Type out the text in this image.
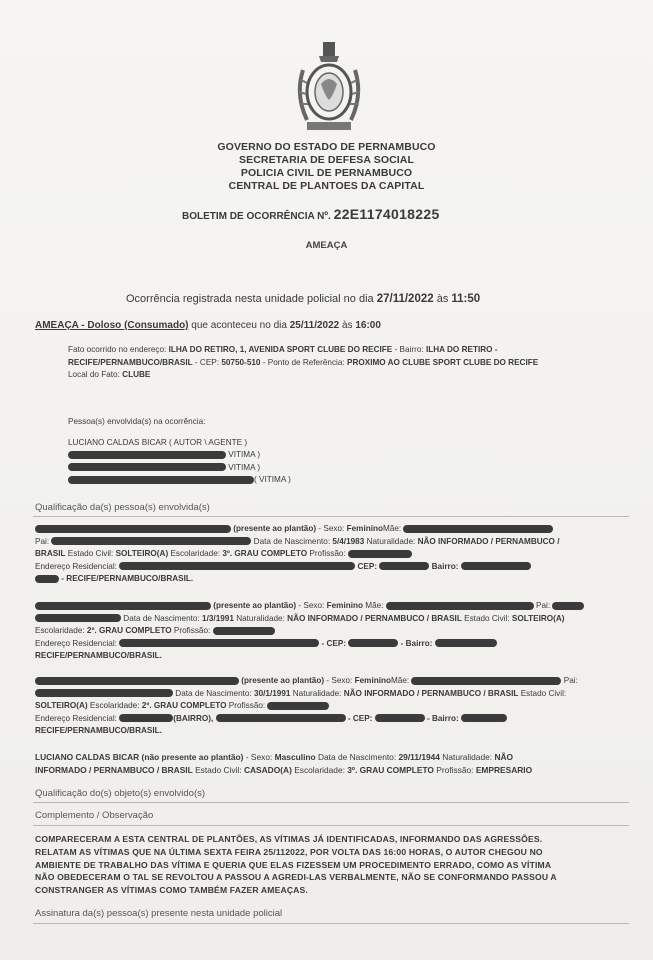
GOVERNO DO ESTADO DE PERNAMBUCO
SECRETARIA DE DEFESA SOCIAL
POLICIA CIVIL DE PERNAMBUCO
CENTRAL DE PLANTOES DA CAPITAL
BOLETIM DE OCORRÊNCIA Nº. 22E1174018225
AMEAÇA
Ocorrência registrada nesta unidade policial no dia 27/11/2022 às 11:50
AMEAÇA - Doloso (Consumado) que aconteceu no dia 25/11/2022 às 16:00
Fato ocorrido no endereço: ILHA DO RETIRO, 1, AVENIDA SPORT CLUBE DO RECIFE - Bairro: ILHA DO RETIRO - RECIFE/PERNAMBUCO/BRASIL - CEP: 50750-510 - Ponto de Referência: PROXIMO AO CLUBE SPORT CLUBE DO RECIFE
Local do Fato: CLUBE
Pessoa(s) envolvida(s) na ocorrência:
LUCIANO CALDAS BICAR ( AUTOR \ AGENTE )
VITIMA )
VITIMA )
( VITIMA )
Qualificação da(s) pessoa(s) envolvida(s)
(presente ao plantão) - Sexo: FemininoMãe:
Pai:	Data de Nascimento: 5/4/1983 Naturalidade: NÃO INFORMADO / PERNAMBUCO /
BRASIL Estado Civil: SOLTEIRO(A) Escolaridade: 3º. GRAU COMPLETO Profissão:
Endereço Residencial:	CEP:	Bairro:
- RECIFE/PERNAMBUCO/BRASIL.
(presente ao plantão) - Sexo: Feminino Mãe:	Pai:
Data de Nascimento: 1/3/1991 Naturalidade: NÃO INFORMADO / PERNAMBUCO / BRASIL Estado Civil: SOLTEIRO(A)
Escolaridade: 2º. GRAU COMPLETO Profissão:
Endereço Residencial:	- CEP:	- Bairro:
RECIFE/PERNAMBUCO/BRASIL.
(presente ao plantão) - Sexo: FemininoMãe:	Pai:
Data de Nascimento: 30/1/1991 Naturalidade: NÃO INFORMADO / PERNAMBUCO / BRASIL Estado Civil:
SOLTEIRO(A) Escolaridade: 2º. GRAU COMPLETO Profissão:
Endereço Residencial:	(BAIRRO),	- CEP:	- Bairro:
RECIFE/PERNAMBUCO/BRASIL.
LUCIANO CALDAS BICAR (não presente ao plantão) - Sexo: Masculino Data de Nascimento: 29/11/1944 Naturalidade: NÃO
INFORMADO / PERNAMBUCO / BRASIL Estado Civil: CASADO(A) Escolaridade: 3º. GRAU COMPLETO Profissão: EMPRESARIO
Qualificação do(s) objeto(s) envolvido(s)
Complemento / Observação
COMPARECERAM A ESTA CENTRAL DE PLANTÕES, AS VÍTIMAS JÁ IDENTIFICADAS, INFORMANDO DAS AGRESSÕES.
RELATAM AS VÍTIMAS QUE NA ÚLTIMA SEXTA FEIRA 25/112022, POR VOLTA DAS 16:00 HORAS, O AUTOR CHEGOU NO
AMBIENTE DE TRABALHO DAS VÍTIMA E QUERIA QUE ELAS FIZESSEM UM PROCEDIMENTO ERRADO, COMO AS VÍTIMA
NÃO OBEDECERAM O TAL SE REVOLTOU A PASSOU A AGREDI-LAS VERBALMENTE, NÃO SE CONFORMANDO PASSOU A
CONSTRANGER AS VÍTIMAS COMO TAMBÉM FAZER AMEAÇAS.
Assinatura da(s) pessoa(s) presente nesta unidade policial
